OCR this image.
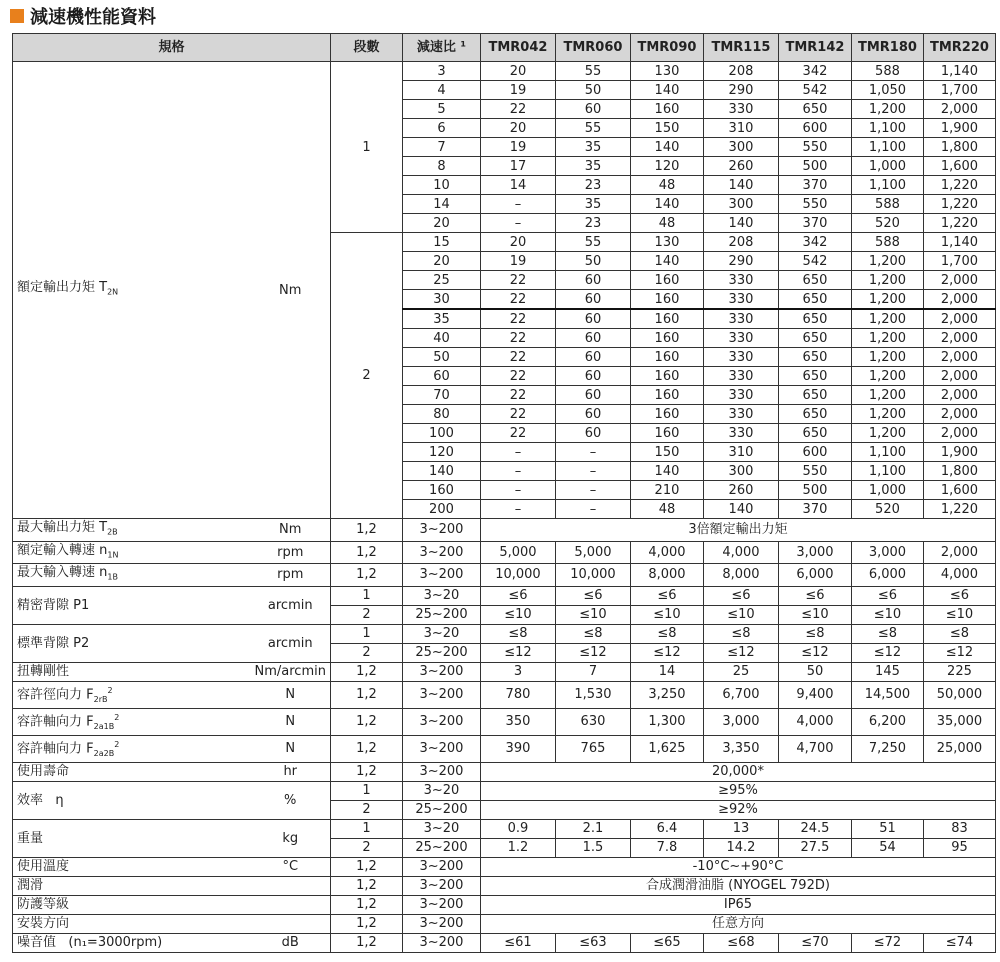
減速機性能資料
規格		段數	減速比 ¹	TMR042	TMR060	TMR090	TMR115	TMR142	TMR180	TMR220
額定輸出力矩 $T_{2N}$	Nm	1	3	20	55	130	208	342	588	1,140
			4	19	50	140	290	542	1,050	1,700
			5	22	60	160	330	650	1,200	2,000
			6	20	55	150	310	600	1,100	1,900
			7	19	35	140	300	550	1,100	1,800
			8	17	35	120	260	500	1,000	1,600
			10	14	23	48	140	370	1,100	1,220
			14	–	35	140	300	550	588	1,220
			20	–	23	48	140	370	520	1,220
		2	15	20	55	130	208	342	588	1,140
			20	19	50	140	290	542	1,200	1,700
			25	22	60	160	330	650	1,200	2,000
			30	22	60	160	330	650	1,200	2,000
			35	22	60	160	330	650	1,200	2,000
			40	22	60	160	330	650	1,200	2,000
			50	22	60	160	330	650	1,200	2,000
			60	22	60	160	330	650	1,200	2,000
			70	22	60	160	330	650	1,200	2,000
			80	22	60	160	330	650	1,200	2,000
			100	22	60	160	330	650	1,200	2,000
			120	–	–	150	310	600	1,100	1,900
			140	–	–	140	300	550	1,100	1,800
			160	–	–	210	260	500	1,000	1,600
			200	–	–	48	140	370	520	1,220
最大輸出力矩 $T_{2B}$	Nm	1,2	3~200	3倍額定輸出力矩						
額定輸入轉速 $n_{1N}$	rpm	1,2	3~200	5,000	5,000	4,000	4,000	3,000	3,000	2,000
最大輸入轉速 $n_{1B}$	rpm	1,2	3~200	10,000	10,000	8,000	8,000	6,000	6,000	4,000
精密背隙 P1	arcmin	1	3~20	≤6	≤6	≤6	≤6	≤6	≤6	≤6
		2	25~200	≤10	≤10	≤10	≤10	≤10	≤10	≤10
標準背隙 P2	arcmin	1	3~20	≤8	≤8	≤8	≤8	≤8	≤8	≤8
		2	25~200	≤12	≤12	≤12	≤12	≤12	≤12	≤12
扭轉剛性	Nm/arcmin	1,2	3~200	3	7	14	25	50	145	225
容許徑向力 $F_{2rB}^2$	N	1,2	3~200	780	1,530	3,250	6,700	9,400	14,500	50,000
容許軸向力 $F_{2a1B}^2$	N	1,2	3~200	350	630	1,300	3,000	4,000	6,200	35,000
容許軸向力 $F_{2a2B}^2$	N	1,2	3~200	390	765	1,625	3,350	4,700	7,250	25,000
使用壽命	hr	1,2	3~200	20,000*						
效率   η	%	1	3~20	≥95%						
		2	25~200	≥92%						
重量	kg	1	3~20	0.9	2.1	6.4	13	24.5	51	83
		2	25~200	1.2	1.5	7.8	14.2	27.5	54	95
使用溫度	°C	1,2	3~200	-10°C~+90°C						
潤滑		1,2	3~200	合成潤滑油脂 (NYOGEL 792D)						
防護等級		1,2	3~200	IP65						
安裝方向		1,2	3~200	任意方向						
噪音值   (n₁=3000rpm)	dB	1,2	3~200	≤61	≤63	≤65	≤68	≤70	≤72	≤74
